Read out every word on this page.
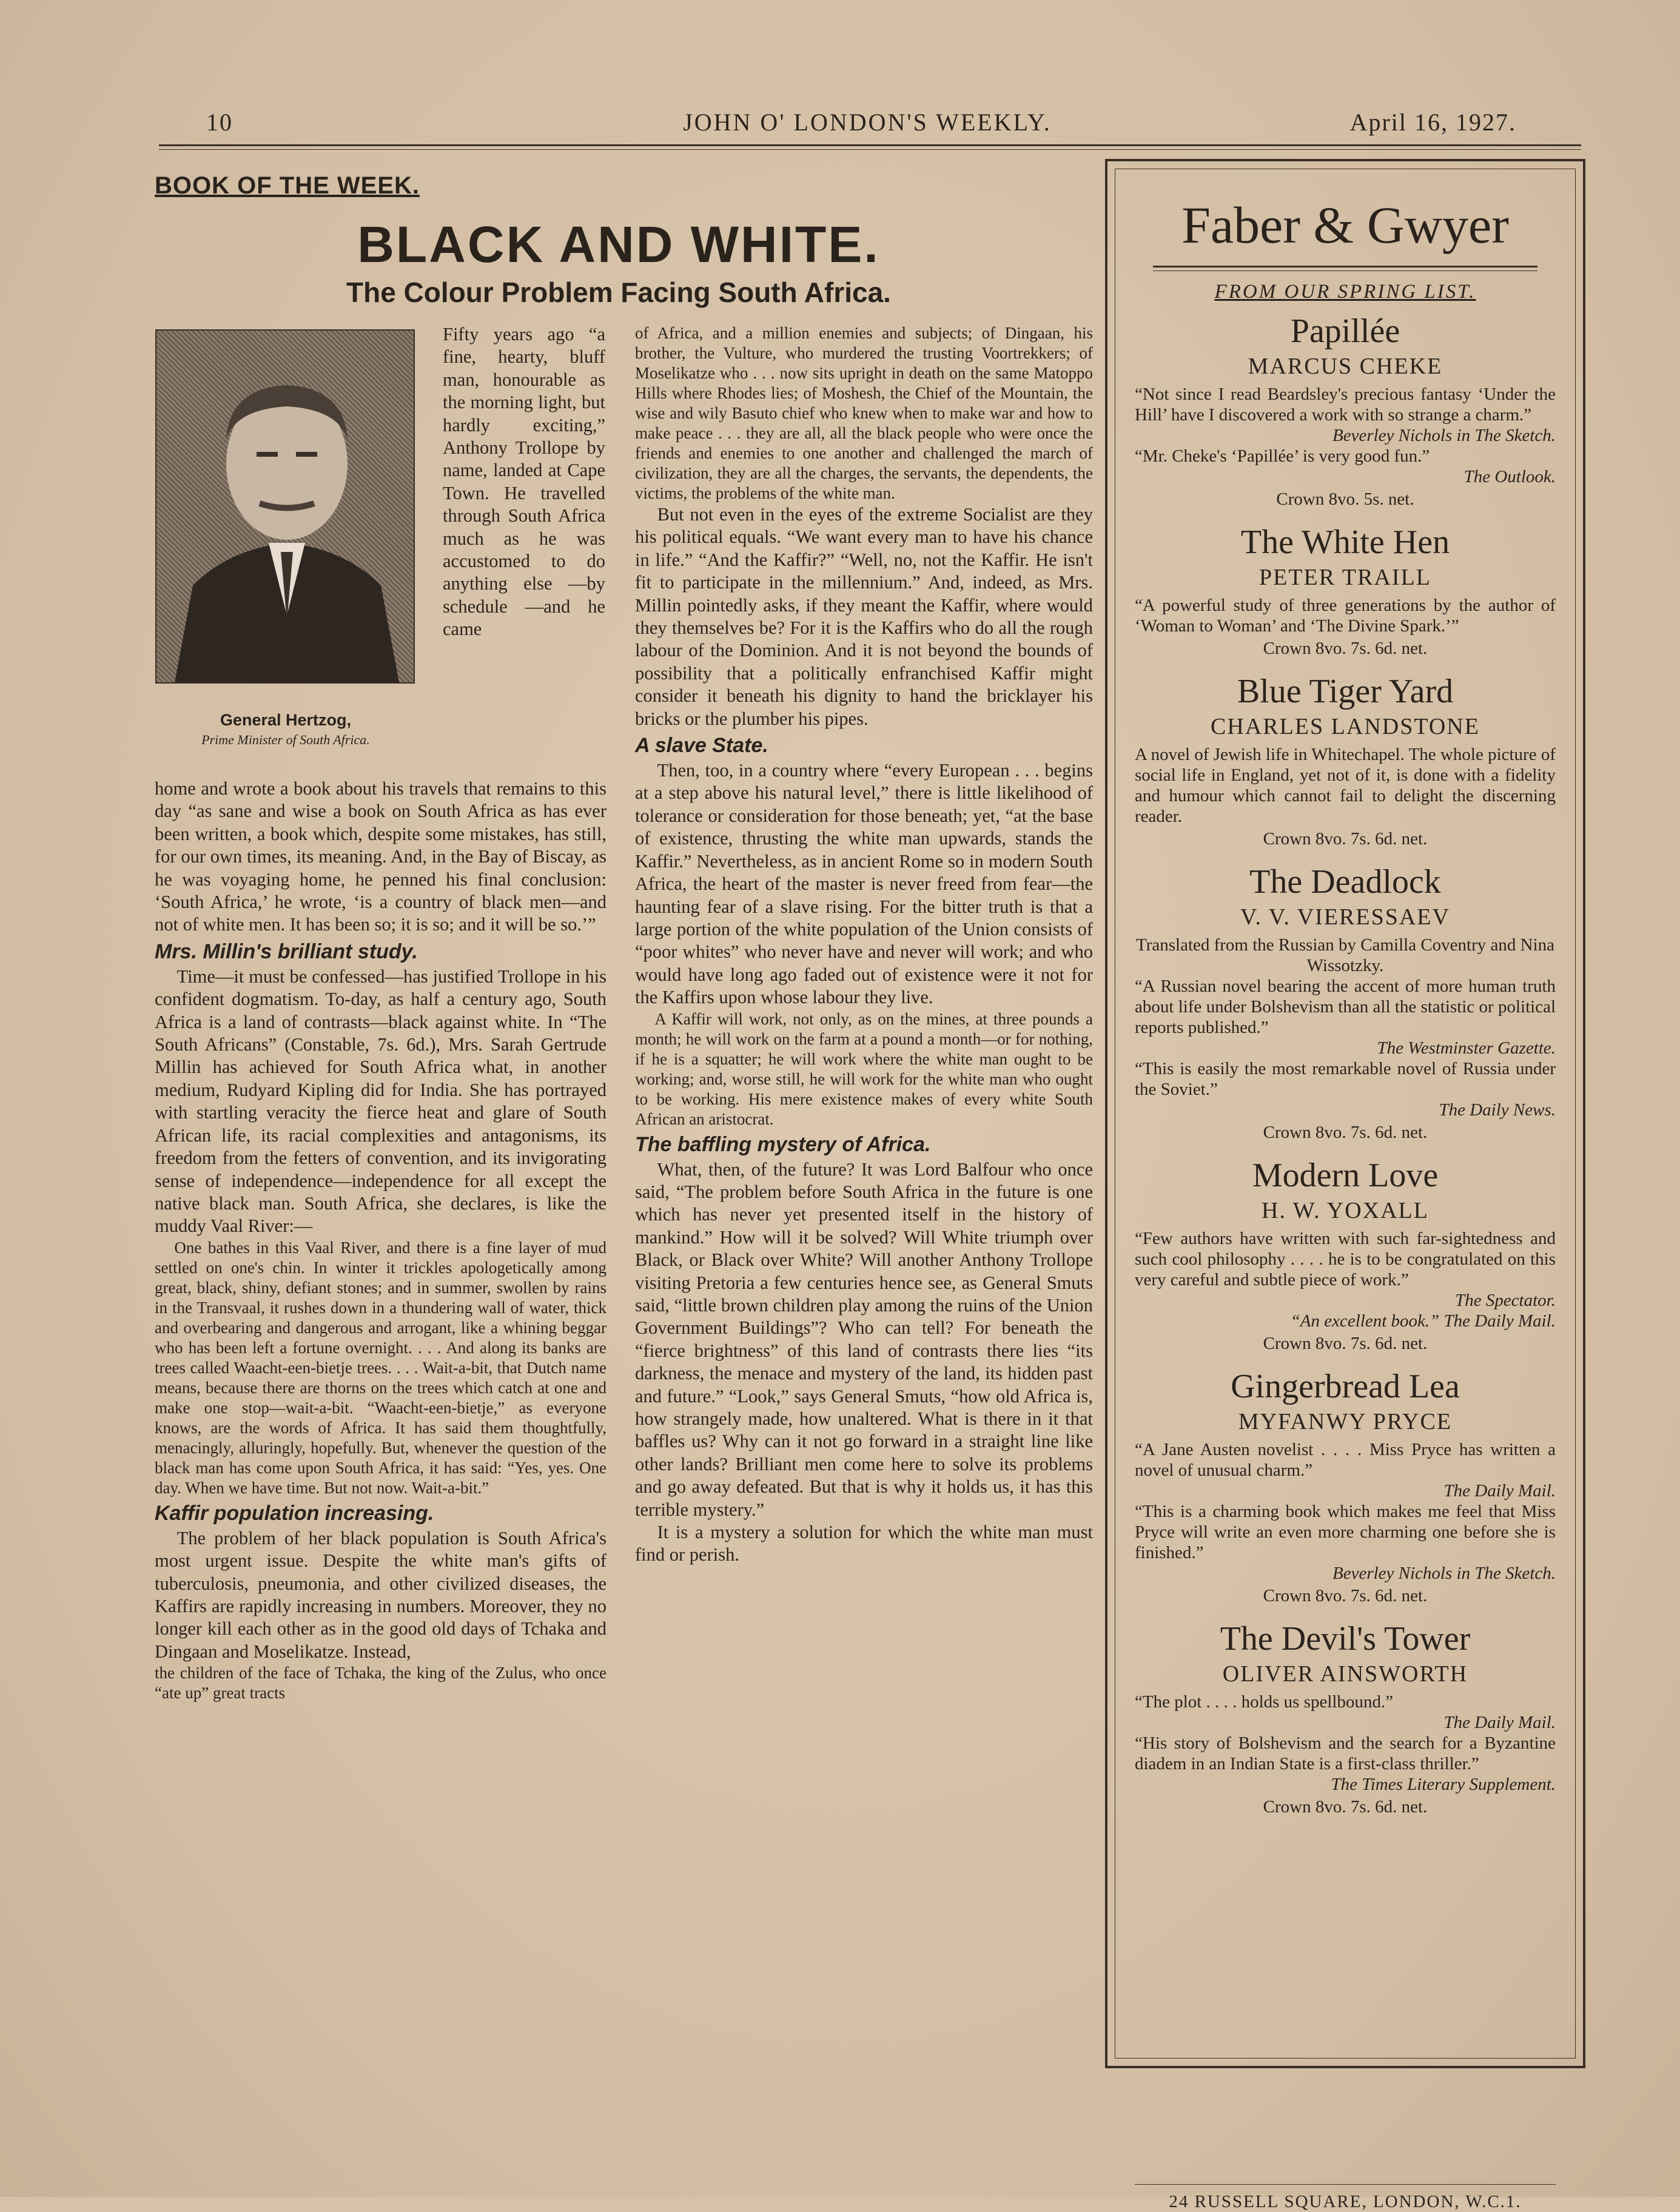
10	JOHN O' LONDON'S WEEKLY.	April 16, 1927.
BOOK OF THE WEEK.
BLACK AND WHITE.
The Colour Problem Facing South Africa.
General Hertzog,
Prime Minister of South Africa.

Fifty years ago “a fine, hearty, bluff man, honourable as the morning light, but hardly exciting,” Anthony Trollope by name, landed at Cape Town. He travelled through South Africa much as he was accustomed to do anything else —by schedule —and he came

home and wrote a book about his travels that remains to this day “as sane and wise a book on South Africa as has ever been written, a book which, despite some mistakes, has still, for our own times, its meaning. And, in the Bay of Biscay, as he was voyaging home, he penned his final conclusion: ‘South Africa,’ he wrote, ‘is a country of black men—and not of white men. It has been so; it is so; and it will be so.’”

Mrs. Millin's brilliant study.

Time—it must be confessed—has justified Trollope in his confident dogmatism. To-day, as half a century ago, South Africa is a land of contrasts—black against white. In “The South Africans” (Constable, 7s. 6d.), Mrs. Sarah Gertrude Millin has achieved for South Africa what, in another medium, Rudyard Kipling did for India. She has portrayed with startling veracity the fierce heat and glare of South African life, its racial complexities and antagonisms, its freedom from the fetters of convention, and its invigorating sense of independence—independence for all except the native black man. South Africa, she declares, is like the muddy Vaal River:—

One bathes in this Vaal River, and there is a fine layer of mud settled on one's chin. In winter it trickles apologetically among great, black, shiny, defiant stones; and in summer, swollen by rains in the Transvaal, it rushes down in a thundering wall of water, thick and overbearing and dangerous and arrogant, like a whining beggar who has been left a fortune overnight. . . . And along its banks are trees called Waacht-een-bietje trees. . . . Wait-a-bit, that Dutch name means, because there are thorns on the trees which catch at one and make one stop—wait-a-bit. “Waacht-een-bietje,” as everyone knows, are the words of Africa. It has said them thoughtfully, menacingly, alluringly, hopefully. But, whenever the question of the black man has come upon South Africa, it has said: “Yes, yes. One day. When we have time. But not now. Wait-a-bit.”

Kaffir population increasing.

The problem of her black population is South Africa's most urgent issue. Despite the white man's gifts of tuberculosis, pneumonia, and other civilized diseases, the Kaffirs are rapidly increasing in numbers. Moreover, they no longer kill each other as in the good old days of Tchaka and Dingaan and Moselikatze. Instead,

the children of the face of Tchaka, the king of the Zulus, who once “ate up” great tracts

of Africa, and a million enemies and subjects; of Dingaan, his brother, the Vulture, who murdered the trusting Voortrekkers; of Moselikatze who . . . now sits upright in death on the same Matoppo Hills where Rhodes lies; of Moshesh, the Chief of the Mountain, the wise and wily Basuto chief who knew when to make war and how to make peace . . . they are all, all the black people who were once the friends and enemies to one another and challenged the march of civilization, they are all the charges, the servants, the dependents, the victims, the problems of the white man.

But not even in the eyes of the extreme Socialist are they his political equals. “We want every man to have his chance in life.” “And the Kaffir?” “Well, no, not the Kaffir. He isn't fit to participate in the millennium.” And, indeed, as Mrs. Millin pointedly asks, if they meant the Kaffir, where would they themselves be? For it is the Kaffirs who do all the rough labour of the Dominion. And it is not beyond the bounds of possibility that a politically enfranchised Kaffir might consider it beneath his dignity to hand the bricklayer his bricks or the plumber his pipes.

A slave State.

Then, too, in a country where “every European . . . begins at a step above his natural level,” there is little likelihood of tolerance or consideration for those beneath; yet, “at the base of existence, thrusting the white man upwards, stands the Kaffir.” Nevertheless, as in ancient Rome so in modern South Africa, the heart of the master is never freed from fear—the haunting fear of a slave rising. For the bitter truth is that a large portion of the white population of the Union consists of “poor whites” who never have and never will work; and who would have long ago faded out of existence were it not for the Kaffirs upon whose labour they live.

A Kaffir will work, not only, as on the mines, at three pounds a month; he will work on the farm at a pound a month—or for nothing, if he is a squatter; he will work where the white man ought to be working; and, worse still, he will work for the white man who ought to be working. His mere existence makes of every white South African an aristocrat.

The baffling mystery of Africa.

What, then, of the future? It was Lord Balfour who once said, “The problem before South Africa in the future is one which has never yet presented itself in the history of mankind.” How will it be solved? Will White triumph over Black, or Black over White? Will another Anthony Trollope visiting Pretoria a few centuries hence see, as General Smuts said, “little brown children play among the ruins of the Union Government Buildings”? Who can tell? For beneath the “fierce brightness” of this land of contrasts there lies “its darkness, the menace and mystery of the land, its hidden past and future.” “Look,” says General Smuts, “how old Africa is, how strangely made, how unaltered. What is there in it that baffles us? Why can it not go forward in a straight line like other lands? Brilliant men come here to solve its problems and go away defeated. But that is why it holds us, it has this terrible mystery.”

It is a mystery a solution for which the white man must find or perish.

Faber & Gwyer
FROM OUR SPRING LIST.
Papillée
MARCUS CHEKE
“Not since I read Beardsley's precious fantasy ‘Under the Hill’ have I discovered a work with so strange a charm.”
Beverley Nichols in The Sketch.
“Mr. Cheke's ‘Papillée’ is very good fun.”
The Outlook.
Crown 8vo. 5s. net.
The White Hen
PETER TRAILL
“A powerful study of three generations by the author of ‘Woman to Woman’ and ‘The Divine Spark.’”
Crown 8vo. 7s. 6d. net.
Blue Tiger Yard
CHARLES LANDSTONE
A novel of Jewish life in Whitechapel. The whole picture of social life in England, yet not of it, is done with a fidelity and humour which cannot fail to delight the discerning reader.
Crown 8vo. 7s. 6d. net.
The Deadlock
V. V. VIERESSAEV
Translated from the Russian by Camilla Coventry and Nina Wissotzky.
“A Russian novel bearing the accent of more human truth about life under Bolshevism than all the statistic or political reports published.”
The Westminster Gazette.
“This is easily the most remarkable novel of Russia under the Soviet.”
The Daily News.
Crown 8vo. 7s. 6d. net.
Modern Love
H. W. YOXALL
“Few authors have written with such far-sightedness and such cool philosophy . . . . he is to be congratulated on this very careful and subtle piece of work.”
The Spectator.
“An excellent book.” The Daily Mail.
Crown 8vo. 7s. 6d. net.
Gingerbread Lea
MYFANWY PRYCE
“A Jane Austen novelist . . . . Miss Pryce has written a novel of unusual charm.”
The Daily Mail.
“This is a charming book which makes me feel that Miss Pryce will write an even more charming one before she is finished.”
Beverley Nichols in The Sketch.
Crown 8vo. 7s. 6d. net.
The Devil's Tower
OLIVER AINSWORTH
“The plot . . . . holds us spellbound.”
The Daily Mail.
“His story of Bolshevism and the search for a Byzantine diadem in an Indian State is a first-class thriller.”
The Times Literary Supplement.
Crown 8vo. 7s. 6d. net.
24 RUSSELL SQUARE, LONDON, W.C.1.
